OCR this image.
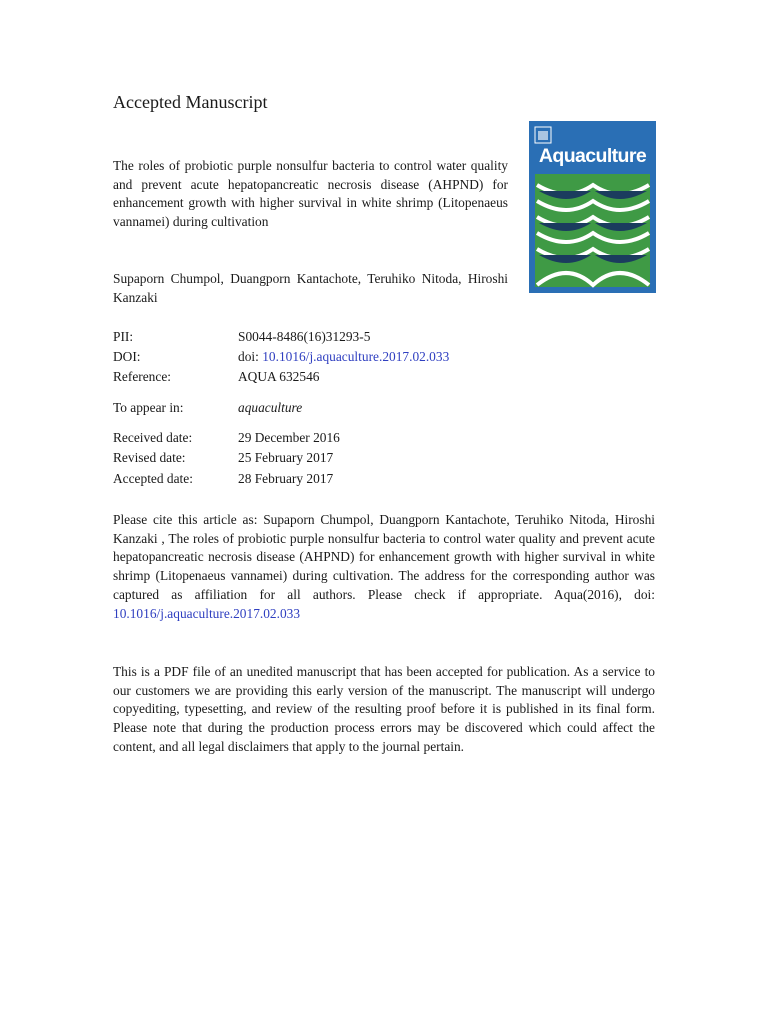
Accepted Manuscript
The roles of probiotic purple nonsulfur bacteria to control water quality and prevent acute hepatopancreatic necrosis disease (AHPND) for enhancement growth with higher survival in white shrimp (Litopenaeus vannamei) during cultivation
Aquaculture
Supaporn Chumpol, Duangporn Kantachote, Teruhiko Nitoda, Hiroshi Kanzaki
PII:	S0044-8486(16)31293-5
DOI:	doi: 10.1016/j.aquaculture.2017.02.033
Reference:	AQUA 632546
To appear in:	aquaculture
Received date:	29 December 2016
Revised date:	25 February 2017
Accepted date:	28 February 2017
Please cite this article as: Supaporn Chumpol, Duangporn Kantachote, Teruhiko Nitoda, Hiroshi Kanzaki , The roles of probiotic purple nonsulfur bacteria to control water quality and prevent acute hepatopancreatic necrosis disease (AHPND) for enhancement growth with higher survival in white shrimp (Litopenaeus vannamei) during cultivation. The address for the corresponding author was captured as affiliation for all authors. Please check if appropriate. Aqua(2016), doi: 10.1016/j.aquaculture.2017.02.033
This is a PDF file of an unedited manuscript that has been accepted for publication. As a service to our customers we are providing this early version of the manuscript. The manuscript will undergo copyediting, typesetting, and review of the resulting proof before it is published in its final form. Please note that during the production process errors may be discovered which could affect the content, and all legal disclaimers that apply to the journal pertain.
